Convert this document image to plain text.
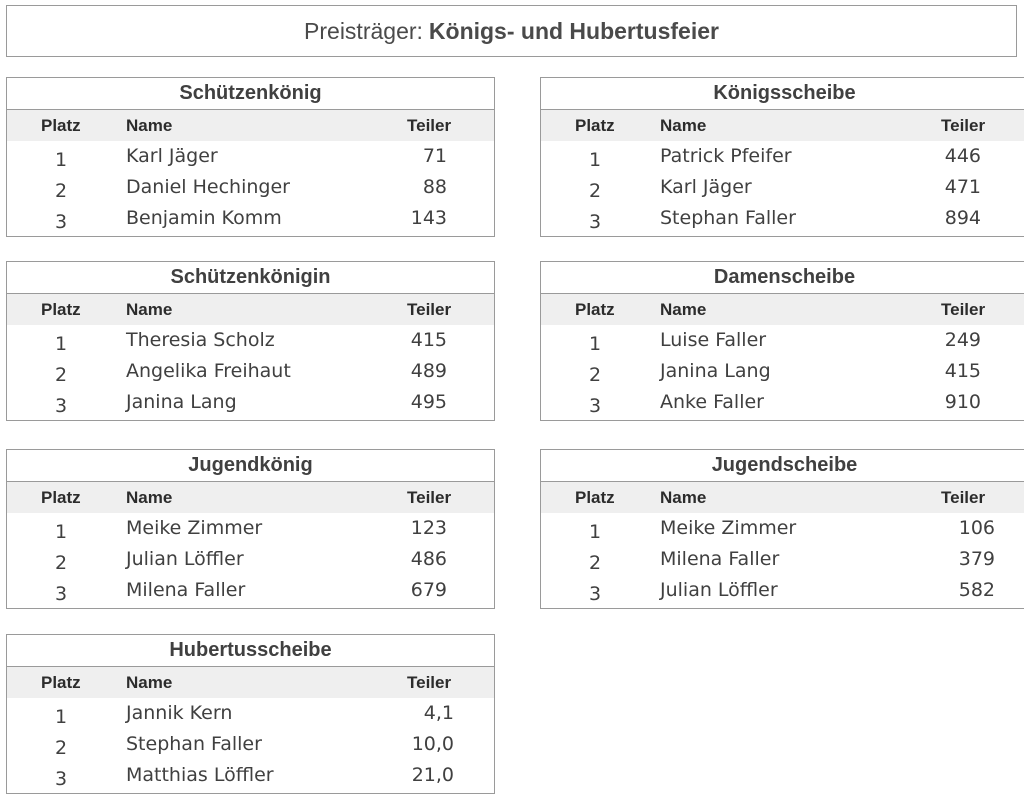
Preisträger: Königs- und Hubertusfeier
Schützenkönig
Platz	Name	Teiler
1	Karl Jäger	71
2	Daniel Hechinger	88
3	Benjamin Komm	143
Königsscheibe
Platz	Name	Teiler
1	Patrick Pfeifer	446
2	Karl Jäger	471
3	Stephan Faller	894
Schützenkönigin
Platz	Name	Teiler
1	Theresia Scholz	415
2	Angelika Freihaut	489
3	Janina Lang	495
Damenscheibe
Platz	Name	Teiler
1	Luise Faller	249
2	Janina Lang	415
3	Anke Faller	910
Jugendkönig
Platz	Name	Teiler
1	Meike Zimmer	123
2	Julian Löffler	486
3	Milena Faller	679
Jugendscheibe
Platz	Name	Teiler
1	Meike Zimmer	106
2	Milena Faller	379
3	Julian Löffler	582
Hubertusscheibe
Platz	Name	Teiler
1	Jannik Kern	4,1
2	Stephan Faller	10,0
3	Matthias Löffler	21,0
